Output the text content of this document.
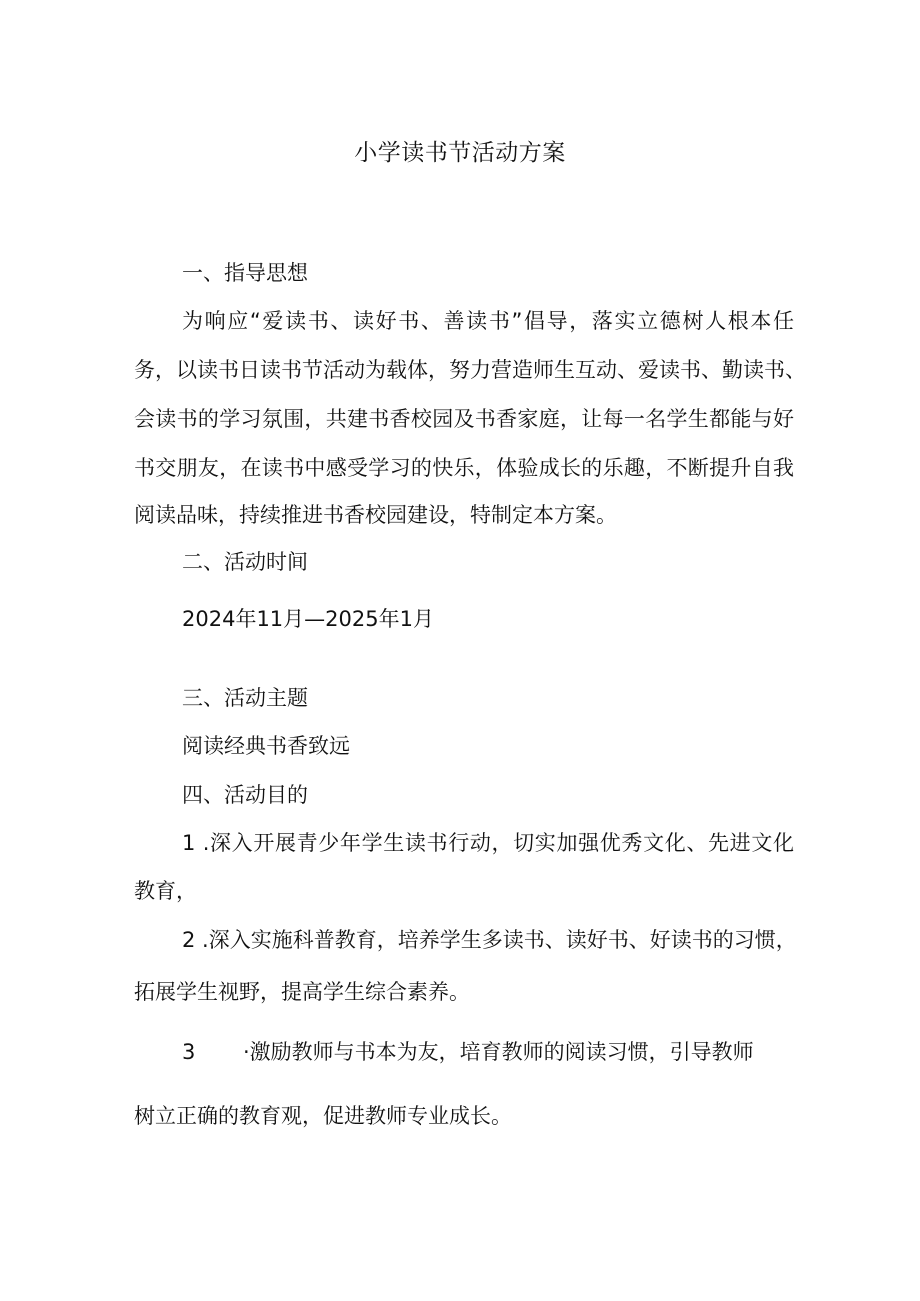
小学读书节活动方案
一、指导思想
为响应“爱读书、读好书、善读书”倡导，落实立德树人根本任
务，以读书日读书节活动为载体，努力营造师生互动、爱读书、勤读书、
会读书的学习氛围，共建书香校园及书香家庭，让每一名学生都能与好
书交朋友，在读书中感受学习的快乐，体验成长的乐趣，不断提升自我
阅读品味，持续推进书香校园建设，特制定本方案。
二、活动时间
2024年11月—2025年1月
三、活动主题
阅读经典书香致远
四、活动目的
1 .深入开展青少年学生读书行动，切实加强优秀文化、先进文化
教育，
2 .深入实施科普教育，培养学生多读书、读好书、好读书的习惯，
拓展学生视野，提高学生综合素养。
3 ·激励教师与书本为友，培育教师的阅读习惯，引导教师
树立正确的教育观，促进教师专业成长。
